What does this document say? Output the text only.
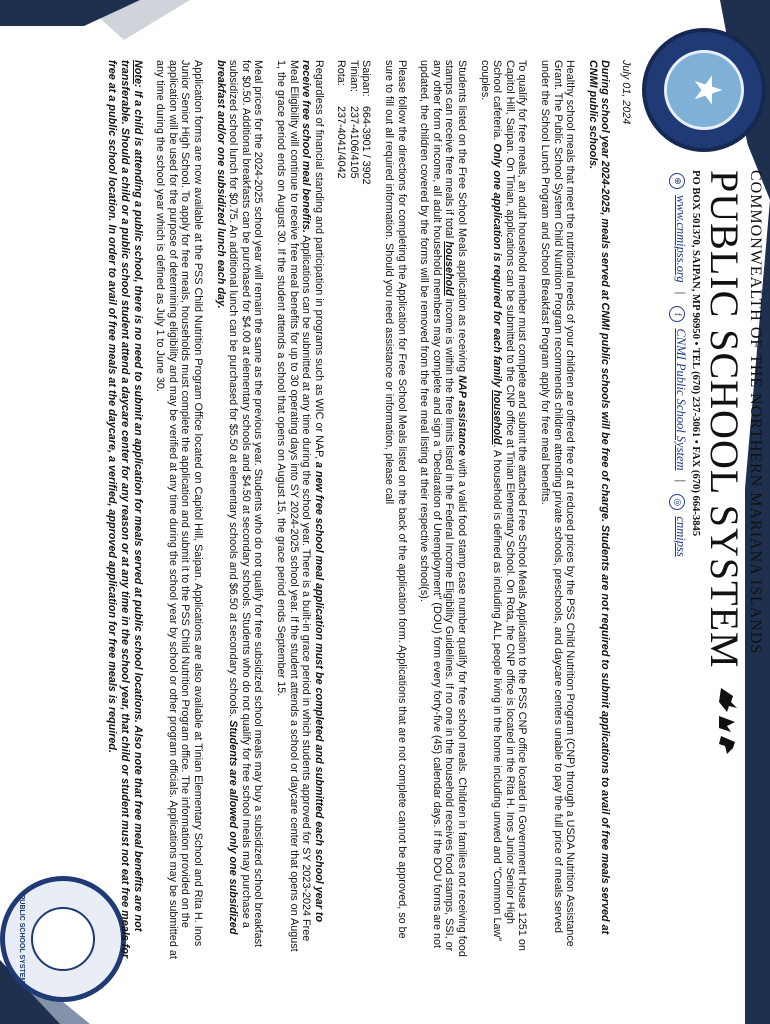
★
PUBLIC SCHOOL SYSTEM
COMMONWEALTH OF THE NORTHERN MARIANA ISLANDS
PUBLIC SCHOOL SYSTEM
PO BOX 501370, SAIPAN, MP 96950 • TEL (670) 237-3061 • FAX (670) 664-3845
⊕ www.cnmipss.org | f CNMI Public School System | ◎ cnmipss

July 01, 2024

During school year 2024-2025, meals served at CNMI public schools will be free of charge. Students are not required to submit applications to avail of free meals served at CNMI public schools.

Healthy school meals that meet the nutritional needs of your children are offered free or at reduced prices by the PSS Child Nutrition Program (CNP) through a USDA Nutrition Assistance Grant. The Public School System Child Nutrition Program recommends children attending private schools, preschools, and daycare centers unable to pay the full price of meals served under the School Lunch Program and School Breakfast Program apply for free meal benefits.

To qualify for free meals, an adult household member must complete and submit the attached Free School Meals Application to the PSS CNP office located in Government House 1251 on Capitol Hill, Saipan. On Tinian, applications can be submitted to the CNP office at Tinian Elementary School. On Rota, the CNP office is located in the Rita H. Inos Junior Senior High School cafeteria. Only one application is required for each family household. A household is defined as including ALL people living in the home including unwed and "Common Law" couples.

Students listed on the Free School Meals application as receiving NAP assistance with a valid food stamp case number qualify for free school meals. Children in families not receiving food stamps can receive free meals if total household income is within the free limits listed in the Federal Income Eligibility Guidelines. If no one in the household receives food stamps, SSI, or any other form of income, all adult household members may complete and sign a "Declaration of Unemployment" (DOU) form every forty-five (45) calendar days. If the DOU forms are not updated, the children covered by the forms will be removed from the free meal listing at their respective school(s).

Please follow the directions for completing the Application for Free School Meals listed on the back of the application form. Applications that are not complete cannot be approved, so be sure to fill out all required information. Should you need assistance or information, please call

Saipan:
664-3901 / 3902
Tinian:
237-4106/4105
Rota:
237-4041/4042

Regardless of financial standing and participation in programs such as WIC or NAP, a new free school meal application must be completed and submitted each school year to receive free school meal benefits. Applications can be submitted at any time during the school year. There is a built-in grace period in which students approved for SY 2023-2024 Free Meal Eligibility will continue to receive free meal benefits for up to 30 operating days into SY 2024-2025 school year. If the student attends a school or daycare center that opens on August 1, the grace period ends on August 30. If the student attends a school that opens on August 15, the grace period ends September 15.

Meal prices for the 2024-2025 school year will remain the same as the previous year. Students who do not qualify for free subsidized school meals may buy a subsidized school breakfast for $0.50. Additional breakfasts can be purchased for $4.00 at elementary schools and $4.50 at secondary schools. Students who do not qualify for free school meals may purchase a subsidized school lunch for $0.75. An additional lunch can be purchased for $5.50 at elementary schools and $6.50 at secondary schools. Students are allowed only one subsidized breakfast and/or one subsidized lunch each day.

Application forms are now available at the PSS Child Nutrition Program Office located on Capitol Hill, Saipan. Applications are also available at Tinian Elementary School and Rita H. Inos Junior Senior High School. To apply for free meals, households must complete the application and submit it to the PSS Child Nutrition Program office. The information provided on the application will be used for the purpose of determining eligibility and may be verified at any time during the school year by school or other program officials. Applications may be submitted at any time during the school year which is defined as July 1 to June 30.

Note: If a child is attending a public school, there is no need to submit an application for meals served at public school locations. Also note that free meal benefits are not transferable. Should a child or a public school student attend a daycare center for any reason or at any time in the school year, that child or student must not eat free meals for free at a public school location. In order to avail of free meals at the daycare, a verified, approved application for free meals is required.
